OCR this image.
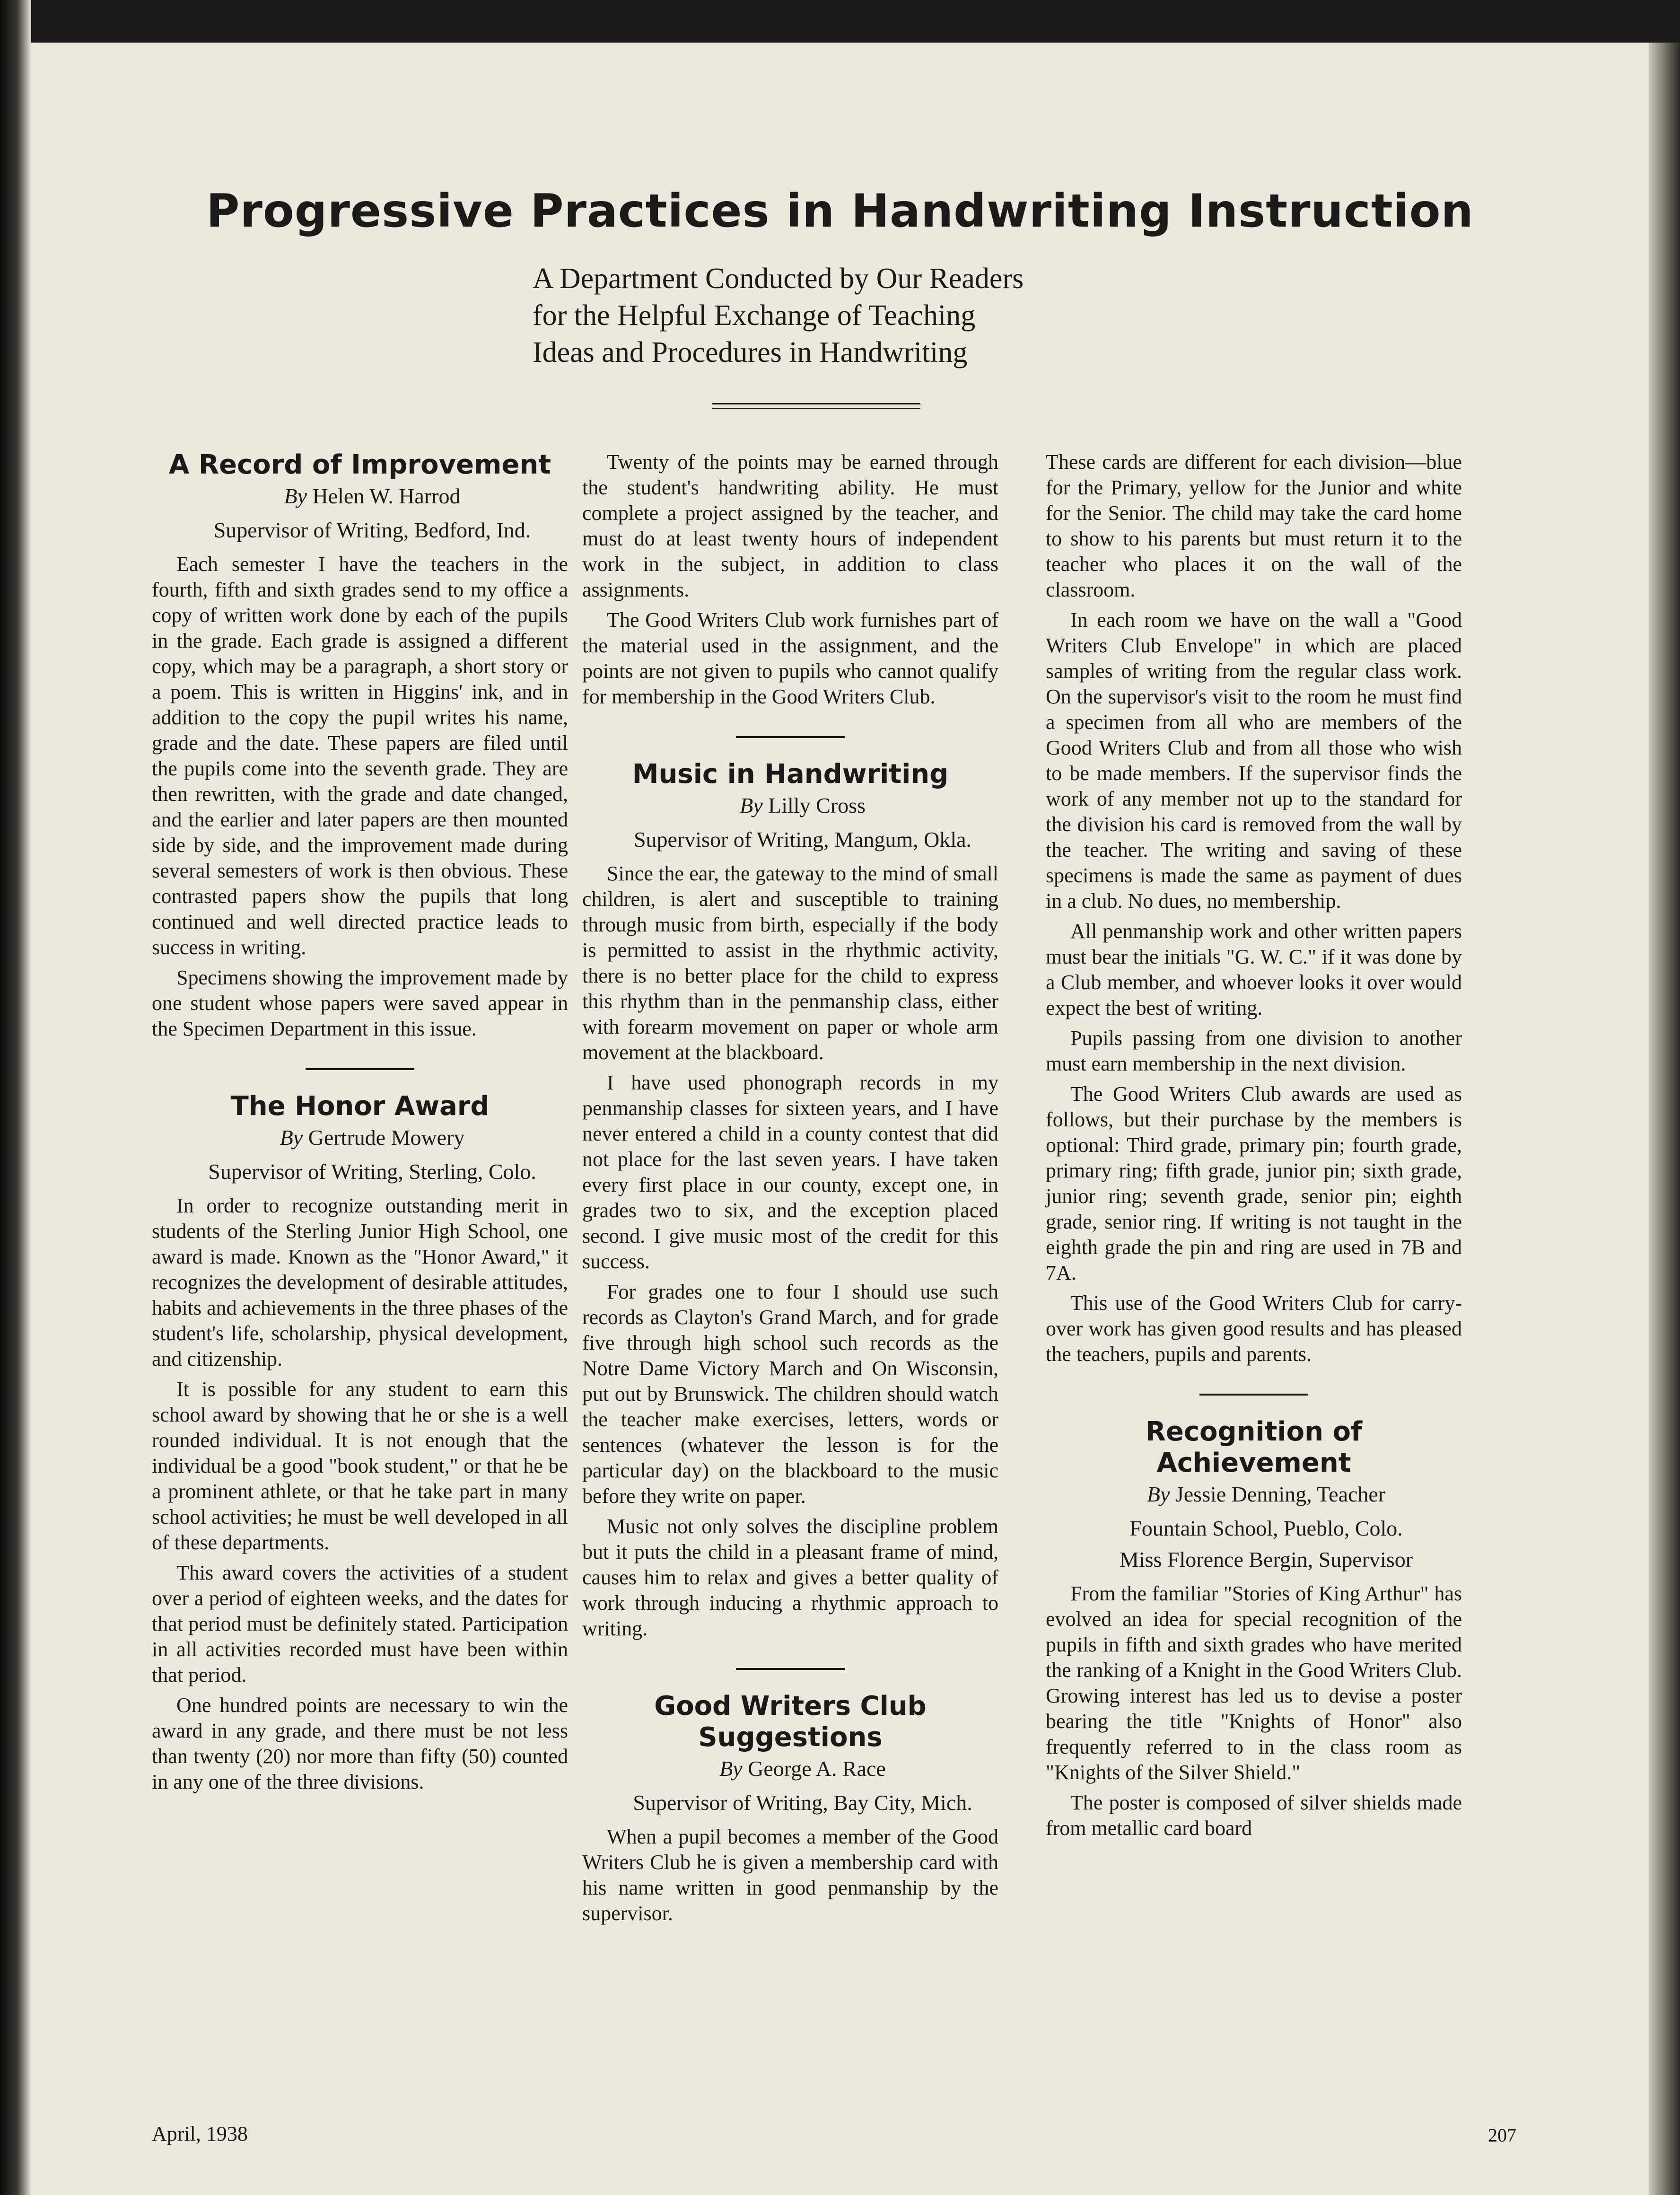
Progressive Practices in Handwriting Instruction
A Department Conducted by Our Readers
for the Helpful Exchange of Teaching
Ideas and Procedures in Handwriting
A Record of Improvement

By Helen W. Harrod

Supervisor of Writing, Bedford, Ind.

Each semester I have the teachers in the fourth, fifth and sixth grades send to my office a copy of written work done by each of the pupils in the grade. Each grade is assigned a different copy, which may be a paragraph, a short story or a poem. This is written in Higgins' ink, and in addition to the copy the pupil writes his name, grade and the date. These papers are filed until the pupils come into the seventh grade. They are then rewritten, with the grade and date changed, and the earlier and later papers are then mounted side by side, and the improvement made during several semesters of work is then obvious. These contrasted papers show the pupils that long continued and well directed practice leads to success in writing.

Specimens showing the improvement made by one student whose papers were saved appear in the Specimen Department in this issue.

The Honor Award

By Gertrude Mowery

Supervisor of Writing, Sterling, Colo.

In order to recognize outstanding merit in students of the Sterling Junior High School, one award is made. Known as the "Honor Award," it recognizes the development of desirable attitudes, habits and achievements in the three phases of the student's life, scholarship, physical development, and citizenship.

It is possible for any student to earn this school award by showing that he or she is a well rounded individual. It is not enough that the individual be a good "book student," or that he be a prominent athlete, or that he take part in many school activities; he must be well developed in all of these departments.

This award covers the activities of a student over a period of eighteen weeks, and the dates for that period must be definitely stated. Participation in all activities recorded must have been within that period.

One hundred points are necessary to win the award in any grade, and there must be not less than twenty (20) nor more than fifty (50) counted in any one of the three divisions.

Twenty of the points may be earned through the student's handwriting ability. He must complete a project assigned by the teacher, and must do at least twenty hours of independent work in the subject, in addition to class assignments.

The Good Writers Club work furnishes part of the material used in the assignment, and the points are not given to pupils who cannot qualify for membership in the Good Writers Club.

Music in Handwriting

By Lilly Cross

Supervisor of Writing, Mangum, Okla.

Since the ear, the gateway to the mind of small children, is alert and susceptible to training through music from birth, especially if the body is permitted to assist in the rhythmic activity, there is no better place for the child to express this rhythm than in the penmanship class, either with forearm movement on paper or whole arm movement at the blackboard.

I have used phonograph records in my penmanship classes for sixteen years, and I have never entered a child in a county contest that did not place for the last seven years. I have taken every first place in our county, except one, in grades two to six, and the exception placed second. I give music most of the credit for this success.

For grades one to four I should use such records as Clayton's Grand March, and for grade five through high school such records as the Notre Dame Victory March and On Wisconsin, put out by Brunswick. The children should watch the teacher make exercises, letters, words or sentences (whatever the lesson is for the particular day) on the blackboard to the music before they write on paper.

Music not only solves the discipline problem but it puts the child in a pleasant frame of mind, causes him to relax and gives a better quality of work through inducing a rhythmic approach to writing.

Good Writers Club Suggestions

By George A. Race

Supervisor of Writing, Bay City, Mich.

When a pupil becomes a member of the Good Writers Club he is given a membership card with his name written in good penmanship by the supervisor.

These cards are different for each division—blue for the Primary, yellow for the Junior and white for the Senior. The child may take the card home to show to his parents but must return it to the teacher who places it on the wall of the classroom.

In each room we have on the wall a "Good Writers Club Envelope" in which are placed samples of writing from the regular class work. On the supervisor's visit to the room he must find a specimen from all who are members of the Good Writers Club and from all those who wish to be made members. If the supervisor finds the work of any member not up to the standard for the division his card is removed from the wall by the teacher. The writing and saving of these specimens is made the same as payment of dues in a club. No dues, no membership.

All penmanship work and other written papers must bear the initials "G. W. C." if it was done by a Club member, and whoever looks it over would expect the best of writing.

Pupils passing from one division to another must earn membership in the next division.

The Good Writers Club awards are used as follows, but their purchase by the members is optional: Third grade, primary pin; fourth grade, primary ring; fifth grade, junior pin; sixth grade, junior ring; seventh grade, senior pin; eighth grade, senior ring. If writing is not taught in the eighth grade the pin and ring are used in 7B and 7A.

This use of the Good Writers Club for carry-over work has given good results and has pleased the teachers, pupils and parents.

Recognition of Achievement

By Jessie Denning, Teacher

Fountain School, Pueblo, Colo.

Miss Florence Bergin, Supervisor

From the familiar "Stories of King Arthur" has evolved an idea for special recognition of the pupils in fifth and sixth grades who have merited the ranking of a Knight in the Good Writers Club. Growing interest has led us to devise a poster bearing the title "Knights of Honor" also frequently referred to in the class room as "Knights of the Silver Shield."

The poster is composed of silver shields made from metallic card board

April, 1938	207
